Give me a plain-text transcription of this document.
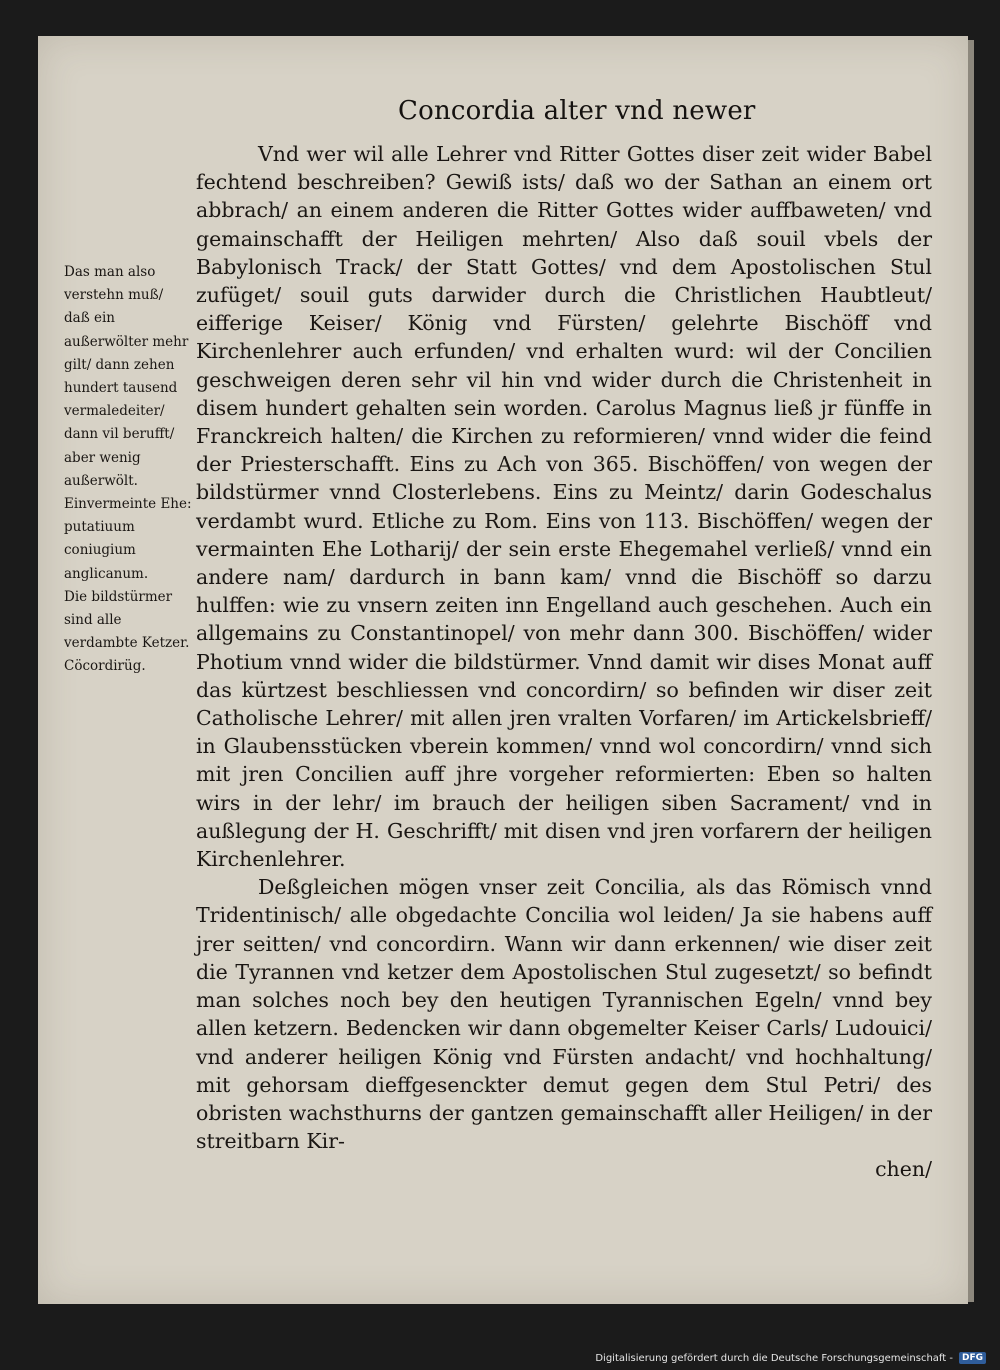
Concordia alter vnd newer

Vnd wer wil alle Lehrer vnd Ritter Gottes diser zeit wider Babel fechtend beschreiben? Gewiß ists/ daß wo der Sathan an einem ort abbrach/ an einem anderen die Ritter Gottes wider auffbaweten/ vnd gemainschafft der Heiligen mehrten/ Also daß souil vbels der Babylonisch Track/ der Statt Gottes/ vnd dem Apostolischen Stul zufüget/ souil guts darwider durch die Christlichen Haubtleut/ eifferige Keiser/ König vnd Fürsten/ gelehrte Bischöff vnd Kirchenlehrer auch erfunden/ vnd erhalten wurd: wil der Concilien geschweigen deren sehr vil hin vnd wider durch die Christenheit in disem hundert gehalten sein worden. Carolus Magnus ließ jr fünffe in Franckreich halten/ die Kirchen zu reformieren/ vnnd wider die feind der Priesterschafft. Eins zu Ach von 365. Bischöffen/ von wegen der bildstürmer vnnd Closterlebens. Eins zu Meintz/ darin Godeschalus verdambt wurd. Etliche zu Rom. Eins von 113. Bischöffen/ wegen der vermainten Ehe Lotharij/ der sein erste Ehegemahel verließ/ vnnd ein andere nam/ dardurch in bann kam/ vnnd die Bischöff so darzu hulffen: wie zu vnsern zeiten inn Engelland auch geschehen. Auch ein allgemains zu Constantinopel/ von mehr dann 300. Bischöffen/ wider Photium vnnd wider die bildstürmer. Vnnd damit wir dises Monat auff das kürtzest beschliessen vnd concordirn/ so befinden wir diser zeit Catholische Lehrer/ mit allen jren vralten Vorfaren/ im Artickelsbrieff/ in Glaubensstücken vberein kommen/ vnnd wol concordirn/ vnnd sich mit jren Concilien auff jhre vorgeher reformierten: Eben so halten wirs in der lehr/ im brauch der heiligen siben Sacrament/ vnd in außlegung der H. Geschrifft/ mit disen vnd jren vorfarern der heiligen Kirchenlehrer.

Deßgleichen mögen vnser zeit Concilia, als das Römisch vnnd Tridentinisch/ alle obgedachte Concilia wol leiden/ Ja sie habens auff jrer seitten/ vnd concordirn. Wann wir dann erkennen/ wie diser zeit die Tyrannen vnd ketzer dem Apostolischen Stul zugesetzt/ so befindt man solches noch bey den heutigen Tyrannischen Egeln/ vnnd bey allen ketzern. Bedencken wir dann obgemelter Keiser Carls/ Ludouici/ vnd anderer heiligen König vnd Fürsten andacht/ vnd hochhaltung/ mit gehorsam dieffgesenckter demut gegen dem Stul Petri/ des obristen wachsthurns der gantzen gemainschafft aller Heiligen/ in der streitbarn Kir-

chen/

Das man also verstehn muß/ daß ein außerwölter mehr gilt/ dann zehen hundert tausend vermaledeiter/ dann vil berufft/ aber wenig außerwölt.

Einvermeinte Ehe: putatiuum coniugium anglicanum.

Die bildstürmer sind alle verdambte Ketzer.

Cöcordirüg.

Digitalisierung gefördert durch die Deutsche Forschungsgemeinschaft -	DFG
